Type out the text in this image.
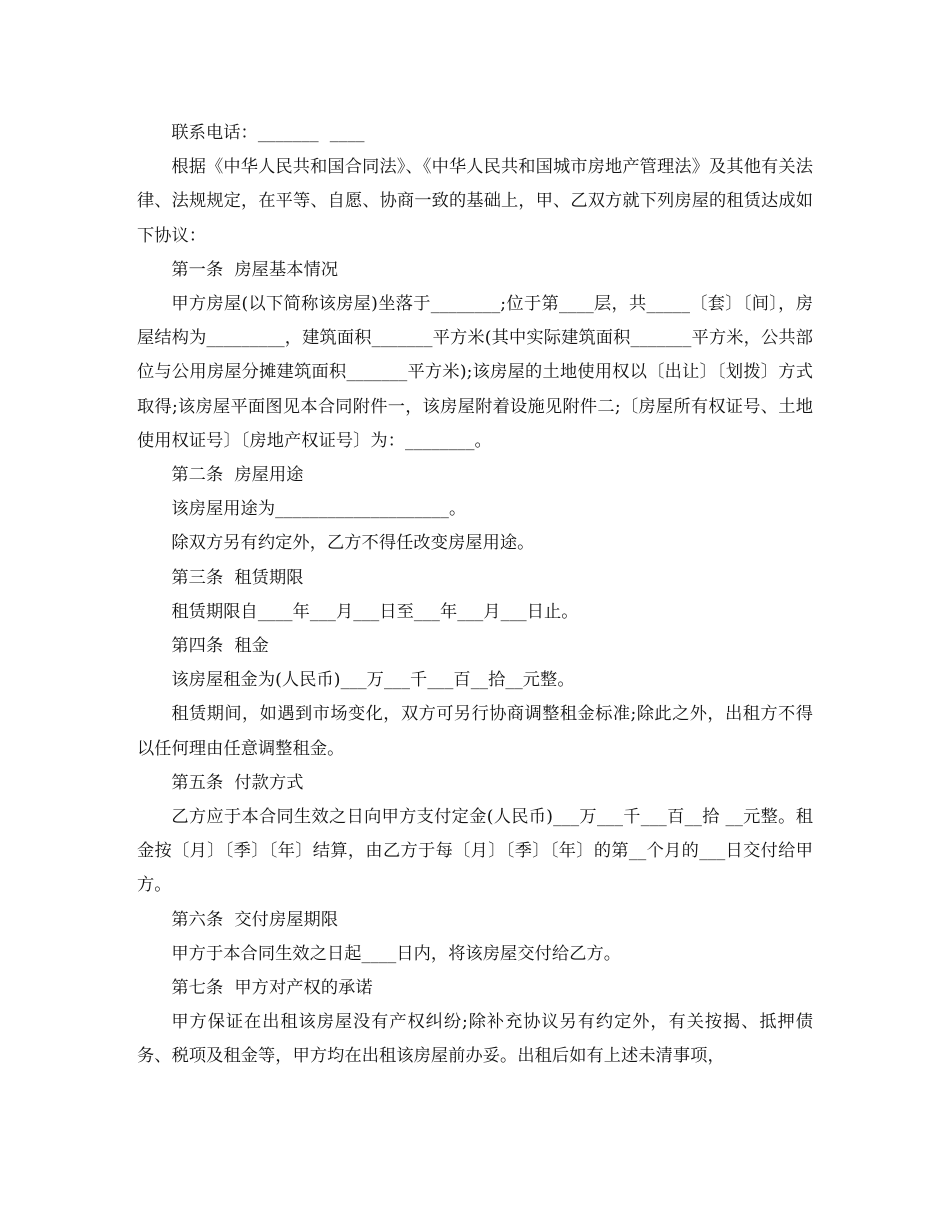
联系电话：_______  ____

根据《中华人民共和国合同法》、《中华人民共和国城市房地产管理法》及其他有关法律、法规规定，在平等、自愿、协商一致的基础上，甲、乙双方就下列房屋的租赁达成如下协议：

第一条  房屋基本情况

甲方房屋(以下简称该房屋)坐落于________;位于第____层，共_____〔套〕〔间〕，房屋结构为_________，建筑面积_______平方米(其中实际建筑面积_______平方米，公共部位与公用房屋分摊建筑面积_______平方米);该房屋的土地使用权以〔出让〕〔划拨〕方式取得;该房屋平面图见本合同附件一，该房屋附着设施见附件二;〔房屋所有权证号、土地使用权证号〕〔房地产权证号〕为：________。

第二条  房屋用途

该房屋用途为____________________。

除双方另有约定外，乙方不得任改变房屋用途。

第三条  租赁期限

租赁期限自____年___月___日至___年___月___日止。

第四条  租金

该房屋租金为(人民币)___万___千___百__拾__元整。

租赁期间，如遇到市场变化，双方可另行协商调整租金标准;除此之外，出租方不得以任何理由任意调整租金。

第五条  付款方式

乙方应于本合同生效之日向甲方支付定金(人民币)___万___千___百__拾 __元整。租金按〔月〕〔季〕〔年〕结算，由乙方于每〔月〕〔季〕〔年〕的第__个月的___日交付给甲方。

第六条  交付房屋期限

甲方于本合同生效之日起____日内，将该房屋交付给乙方。

第七条  甲方对产权的承诺

甲方保证在出租该房屋没有产权纠纷;除补充协议另有约定外，有关按揭、抵押债务、税项及租金等，甲方均在出租该房屋前办妥。出租后如有上述未清事项，
